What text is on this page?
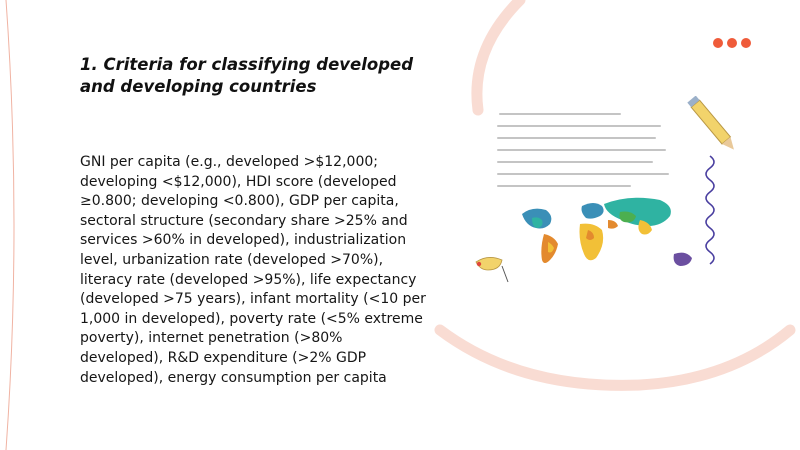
1. Criteria for classifying developed and developing countries

GNI per capita (e.g., developed >$12,000; developing <$12,000), HDI score (developed ≥0.800; developing <0.800), GDP per capita, sectoral structure (secondary share >25% and services >60% in developed), industrialization level, urbanization rate (developed >70%), literacy rate (developed >95%), life expectancy (developed >75 years), infant mortality (<10 per 1,000 in developed), poverty rate (<5% extreme poverty), internet penetration (>80% developed), R&D expenditure (>2% GDP developed), energy consumption per capita
